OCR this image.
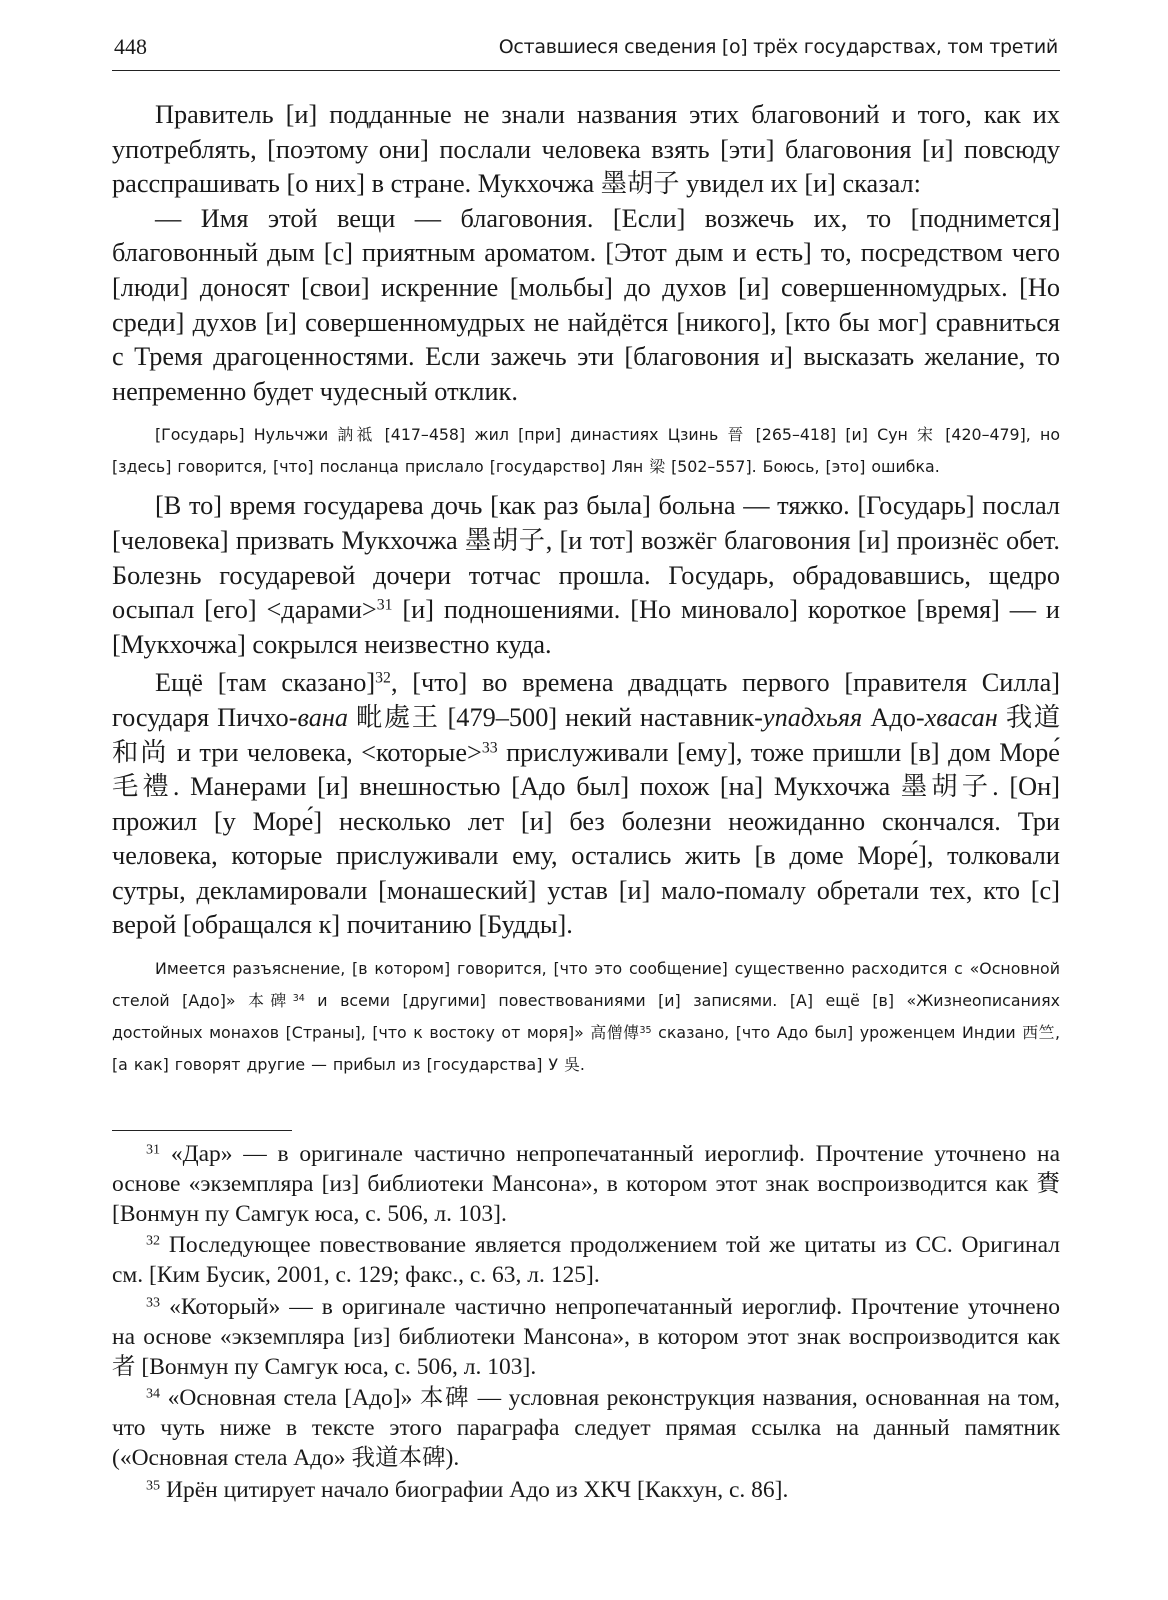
448	Оставшиеся сведения [о] трёх государствах, том третий

Правитель [и] подданные не знали названия этих благовоний и того, как их употреблять, [поэтому они] послали человека взять [эти] благовония [и] повсюду расспрашивать [о них] в стране. Мукхочжа 墨胡子 увидел их [и] сказал:

— Имя этой вещи — благовония. [Если] возжечь их, то [поднимется] благовонный дым [с] приятным ароматом. [Этот дым и есть] то, посредством чего [люди] доносят [свои] искренние [мольбы] до духов [и] совершенномудрых. [Но среди] духов [и] совершенномудрых не найдётся [никого], [кто бы мог] сравниться с Тремя драгоценностями. Если зажечь эти [благовония и] высказать желание, то непременно будет чудесный отклик.

[Государь] Нульчжи 訥祗 [417–458] жил [при] династиях Цзинь 晉 [265–418] [и] Сун 宋 [420–479], но [здесь] говорится, [что] посланца прислало [государство] Лян 梁 [502–557]. Боюсь, [это] ошибка.

[В то] время государева дочь [как раз была] больна — тяжко. [Государь] послал [человека] призвать Мукхочжа 墨胡子, [и тот] возжёг благовония [и] произнёс обет. Болезнь государевой дочери тотчас прошла. Государь, обрадовавшись, щедро осыпал [его] <дарами>$^{31}$ [и] подношениями. [Но миновало] короткое [время] — и [Мукхочжа] сокрылся неизвестно куда.

Ещё [там сказано]$^{32}$, [что] во времена двадцать первого [правителя Силла] государя Пичхо-вана 毗處王 [479–500] некий наставник-упадхьяя Адо-хвасан 我道和尚 и три человека, <которые>$^{33}$ прислуживали [ему], тоже пришли [в] дом Море́ 毛禮. Манерами [и] внешностью [Адо был] похож [на] Мукхочжа 墨胡子. [Он] прожил [у Море́] несколько лет [и] без болезни неожиданно скончался. Три человека, которые прислуживали ему, остались жить [в доме Море́], толковали сутры, декламировали [монашеский] устав [и] мало-помалу обретали тех, кто [с] верой [обращался к] почитанию [Будды].

Имеется разъяснение, [в котором] говорится, [что это сообщение] существенно расходится с «Основной стелой [Адо]» 本碑$^{34}$ и всеми [другими] повествованиями [и] записями. [А] ещё [в] «Жизнеописаниях достойных монахов [Страны], [что к востоку от моря]» 高僧傳$^{35}$ сказано, [что Адо был] уроженцем Индии 西竺, [а как] говорят другие — прибыл из [государства] У 吳.

$^{31}$ «Дар» — в оригинале частично непропечатанный иероглиф. Прочтение уточнено на основе «экземпляра [из] библиотеки Мансона», в котором этот знак воспроизводится как 賚 [Вонмун пу Самгук юса, с. 506, л. 103].

$^{32}$ Последующее повествование является продолжением той же цитаты из СС. Оригинал см. [Ким Бусик, 2001, с. 129; факс., с. 63, л. 125].

$^{33}$ «Который» — в оригинале частично непропечатанный иероглиф. Прочтение уточнено на основе «экземпляра [из] библиотеки Мансона», в котором этот знак воспроизводится как 者 [Вонмун пу Самгук юса, с. 506, л. 103].

$^{34}$ «Основная стела [Адо]» 本碑 — условная реконструкция названия, основанная на том, что чуть ниже в тексте этого параграфа следует прямая ссылка на данный памятник («Основная стела Адо» 我道本碑).

$^{35}$ Ирён цитирует начало биографии Адо из ХКЧ [Какхун, с. 86].
